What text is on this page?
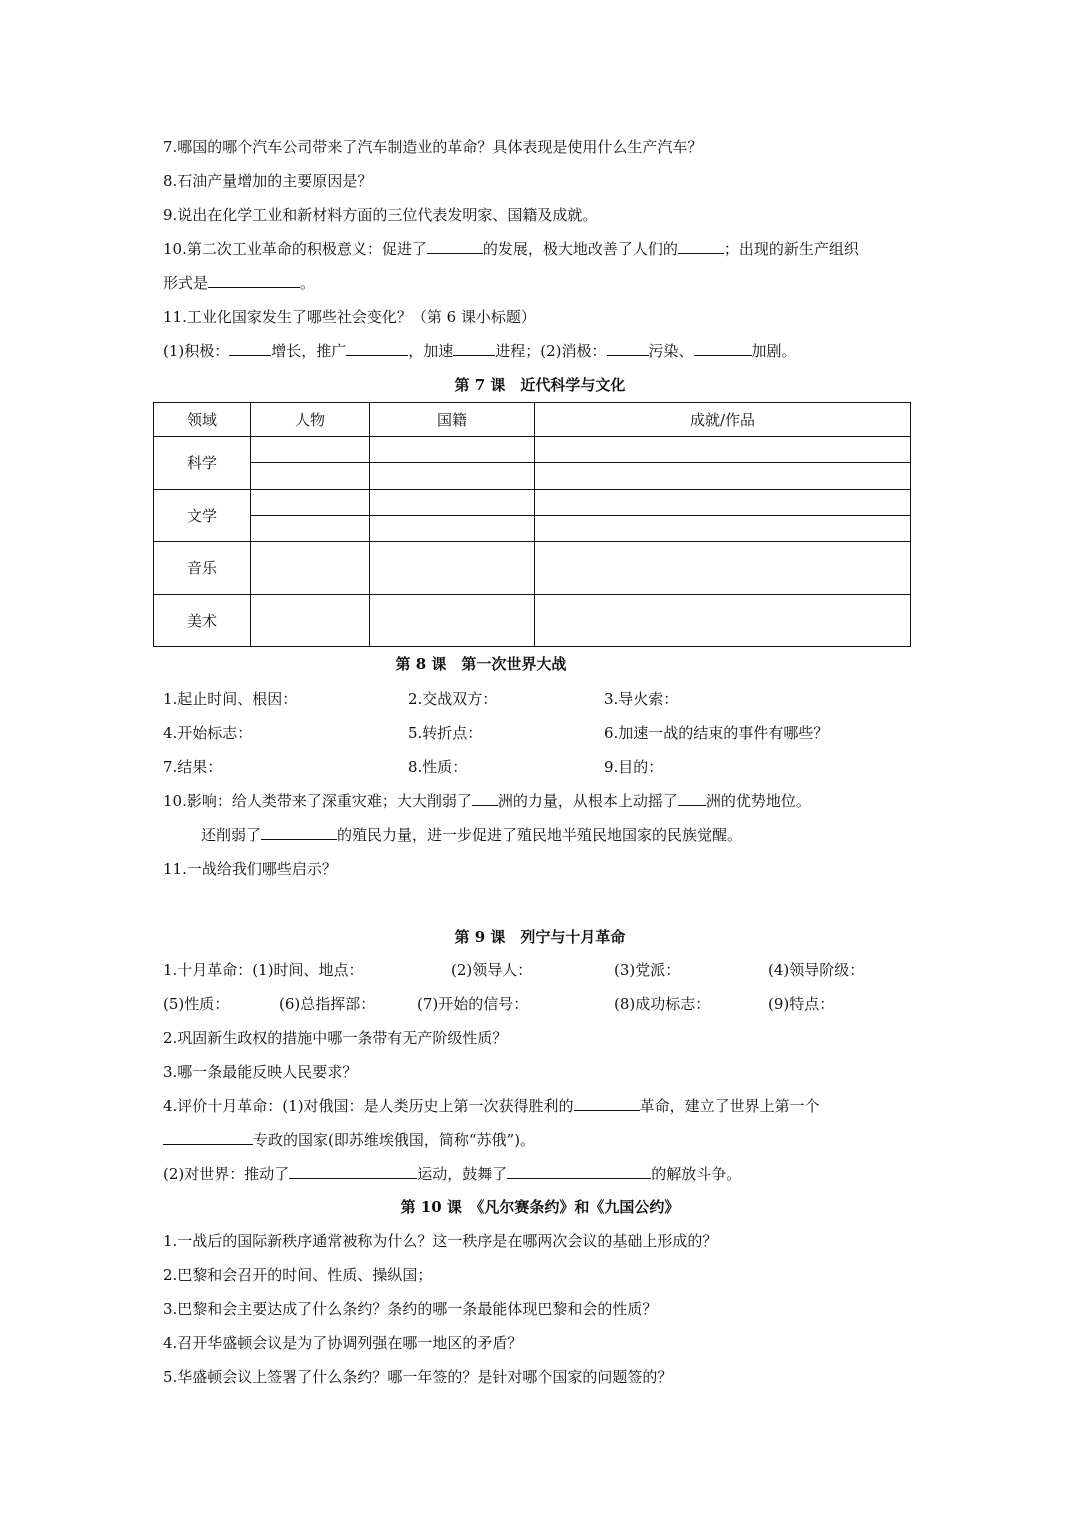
7.哪国的哪个汽车公司带来了汽车制造业的革命？具体表现是使用什么生产汽车？
8.石油产量增加的主要原因是？
9.说出在化学工业和新材料方面的三位代表发明家、国籍及成就。
10.第二次工业革命的积极意义：促进了	的发展，极大地改善了人们的	；出现的新生产组织
形式是	。
11.工业化国家发生了哪些社会变化？（第 6 课小标题）
(1)积极：	增长，推广	，加速	进程；(2)消极：	污染、	加剧。
第 7 课　近代科学与文化
领域	人物	国籍	成就/作品
科学			

文学			

音乐			
美术			
第 8 课　第一次世界大战
1.起止时间、根因：	2.交战双方：	3.导火索：
4.开始标志：	5.转折点：	6.加速一战的结束的事件有哪些？
7.结果：	8.性质：	9.目的：
10.影响：给人类带来了深重灾难；大大削弱了 洲的力量，从根本上动摇了 洲的优势地位。
还削弱了	的殖民力量，进一步促进了殖民地半殖民地国家的民族觉醒。
11.一战给我们哪些启示？
第 9 课　列宁与十月革命
1.十月革命：(1)时间、地点：	(2)领导人：	(3)党派：	(4)领导阶级：
(5)性质：	(6)总指挥部：	(7)开始的信号：	(8)成功标志：	(9)特点：
2.巩固新生政权的措施中哪一条带有无产阶级性质？
3.哪一条最能反映人民要求？
4.评价十月革命：(1)对俄国：是人类历史上第一次获得胜利的	革命，建立了世界上第一个
专政的国家(即苏维埃俄国，简称“苏俄”)。
(2)对世界：推动了	运动，鼓舞了	的解放斗争。
第 10 课　《凡尔赛条约》和《九国公约》
1.一战后的国际新秩序通常被称为什么？这一秩序是在哪两次会议的基础上形成的？
2.巴黎和会召开的时间、性质、操纵国；
3.巴黎和会主要达成了什么条约？条约的哪一条最能体现巴黎和会的性质？
4.召开华盛顿会议是为了协调列强在哪一地区的矛盾？
5.华盛顿会议上签署了什么条约？哪一年签的？是针对哪个国家的问题签的？
